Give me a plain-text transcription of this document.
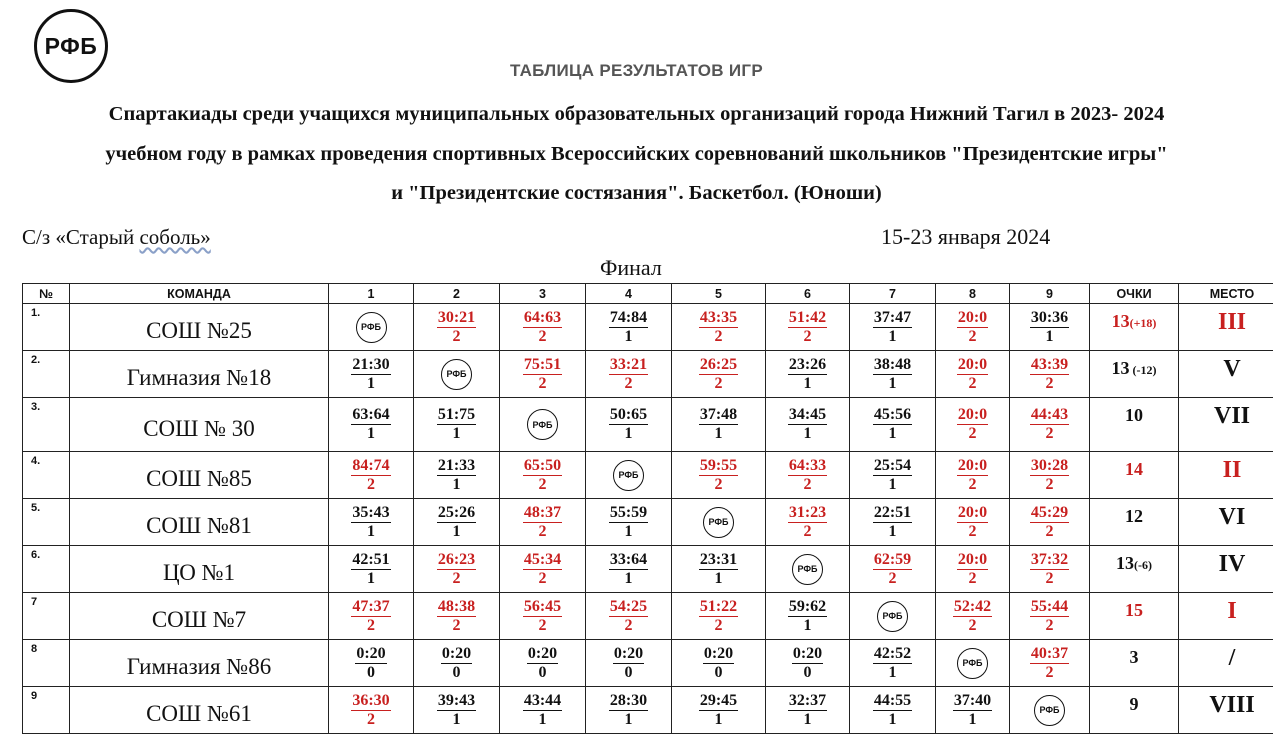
РФБ
ТАБЛИЦА РЕЗУЛЬТАТОВ ИГР
Спартакиады среди учащихся муниципальных образовательных организаций города Нижний Тагил в 2023- 2024
учебном году в рамках проведения спортивных Всероссийских соревнований школьников "Президентские игры"
и "Президентские состязания". Баскетбол. (Юноши)
С/з «Старый соболь»	15-23 января 2024
Финал
№	КОМАНДА	1	2	3	4	5	6	7	8	9	ОЧКИ	МЕСТО
1.	СОШ №25	РФБ	$\frac{30:21}{2}$	$\frac{64:63}{2}$	$\frac{74:84}{1}$	$\frac{43:35}{2}$	$\frac{51:42}{2}$	$\frac{37:47}{1}$	$\frac{20:0}{2}$	$\frac{30:36}{1}$	13(+18)	III
2.	Гимназия №18	$\frac{21:30}{1}$	РФБ	$\frac{75:51}{2}$	$\frac{33:21}{2}$	$\frac{26:25}{2}$	$\frac{23:26}{1}$	$\frac{38:48}{1}$	$\frac{20:0}{2}$	$\frac{43:39}{2}$	13 (-12)	V
3.	СОШ № 30	$\frac{63:64}{1}$	$\frac{51:75}{1}$	РФБ	$\frac{50:65}{1}$	$\frac{37:48}{1}$	$\frac{34:45}{1}$	$\frac{45:56}{1}$	$\frac{20:0}{2}$	$\frac{44:43}{2}$	10	VII
4.	СОШ №85	$\frac{84:74}{2}$	$\frac{21:33}{1}$	$\frac{65:50}{2}$	РФБ	$\frac{59:55}{2}$	$\frac{64:33}{2}$	$\frac{25:54}{1}$	$\frac{20:0}{2}$	$\frac{30:28}{2}$	14	II
5.	СОШ №81	$\frac{35:43}{1}$	$\frac{25:26}{1}$	$\frac{48:37}{2}$	$\frac{55:59}{1}$	РФБ	$\frac{31:23}{2}$	$\frac{22:51}{1}$	$\frac{20:0}{2}$	$\frac{45:29}{2}$	12	VI
6.	ЦО №1	$\frac{42:51}{1}$	$\frac{26:23}{2}$	$\frac{45:34}{2}$	$\frac{33:64}{1}$	$\frac{23:31}{1}$	РФБ	$\frac{62:59}{2}$	$\frac{20:0}{2}$	$\frac{37:32}{2}$	13(-6)	IV
7	СОШ №7	$\frac{47:37}{2}$	$\frac{48:38}{2}$	$\frac{56:45}{2}$	$\frac{54:25}{2}$	$\frac{51:22}{2}$	$\frac{59:62}{1}$	РФБ	$\frac{52:42}{2}$	$\frac{55:44}{2}$	15	I
8	Гимназия №86	$\frac{0:20}{0}$	$\frac{0:20}{0}$	$\frac{0:20}{0}$	$\frac{0:20}{0}$	$\frac{0:20}{0}$	$\frac{0:20}{0}$	$\frac{42:52}{1}$	РФБ	$\frac{40:37}{2}$	3	/
9	СОШ №61	$\frac{36:30}{2}$	$\frac{39:43}{1}$	$\frac{43:44}{1}$	$\frac{28:30}{1}$	$\frac{29:45}{1}$	$\frac{32:37}{1}$	$\frac{44:55}{1}$	$\frac{37:40}{1}$	РФБ	9	VIII
